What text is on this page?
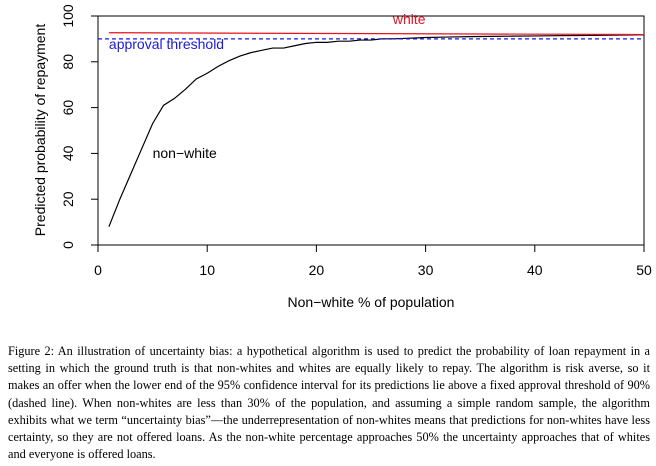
0	10	20	30	40	50
0
20
40
60
80
100	white
approval threshold
non−white
Non−white % of population
Predicted probability of repayment

Figure 2: An illustration of uncertainty bias: a hypothetical algorithm is used to predict the probability of loan repayment in a setting in which the ground truth is that non-whites and whites are equally likely to repay. The algorithm is risk averse, so it makes an offer when the lower end of the 95% confidence interval for its predictions lie above a fixed approval threshold of 90% (dashed line). When non-whites are less than 30% of the population, and assuming a simple random sample, the algorithm exhibits what we term “uncertainty bias”—the underrepresentation of non-whites means that predictions for non-whites have less certainty, so they are not offered loans. As the non-white percentage approaches 50% the uncertainty approaches that of whites and everyone is offered loans.
